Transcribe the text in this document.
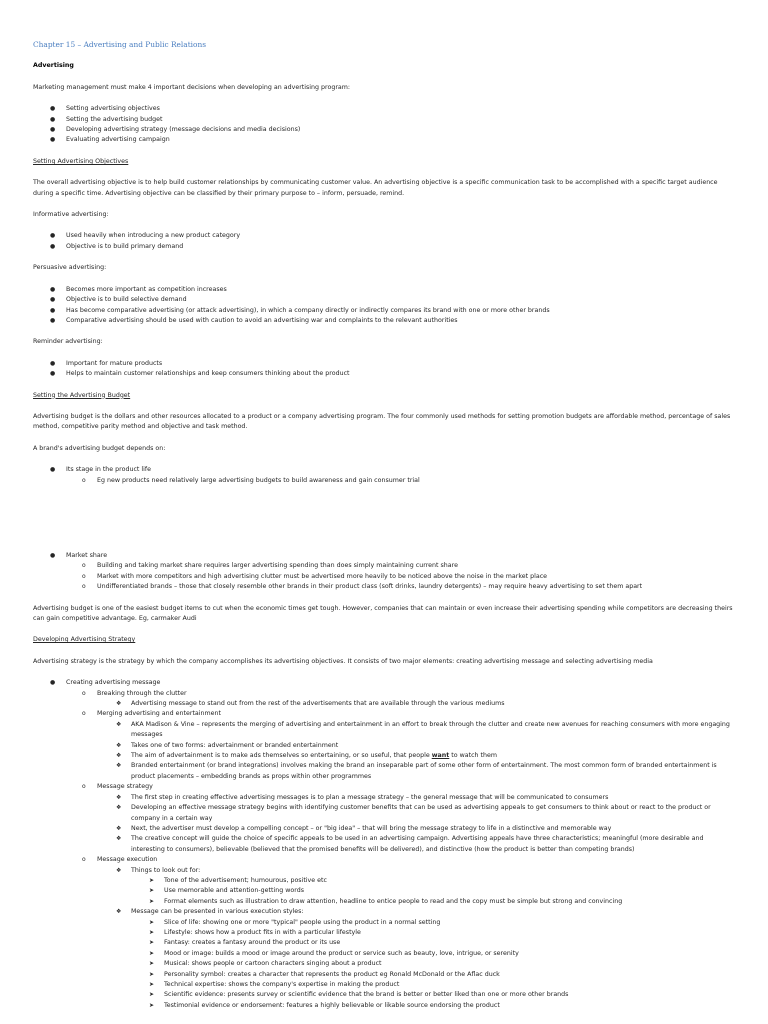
Chapter 15 – Advertising and Public Relations
Advertising

Marketing management must make 4 important decisions when developing an advertising program:

● Setting advertising objectives
● Setting the advertising budget
● Developing advertising strategy (message decisions and media decisions)
● Evaluating advertising campaign

Setting Advertising Objectives

The overall advertising objective is to help build customer relationships by communicating customer value. An advertising objective is a specific communication task to be accomplished with a specific target audience during a specific time. Advertising objective can be classified by their primary purpose to – inform, persuade, remind.

Informative advertising:

● Used heavily when introducing a new product category
● Objective is to build primary demand

Persuasive advertising:

● Becomes more important as competition increases
● Objective is to build selective demand
● Has become comparative advertising (or attack advertising), in which a company directly or indirectly compares its brand with one or more other brands
● Comparative advertising should be used with caution to avoid an advertising war and complaints to the relevant authorities

Reminder advertising:

● Important for mature products
● Helps to maintain customer relationships and keep consumers thinking about the product

Setting the Advertising Budget

Advertising budget is the dollars and other resources allocated to a product or a company advertising program. The four commonly used methods for setting promotion budgets are affordable method, percentage of sales method, competitive parity method and objective and task method.

A brand's advertising budget depends on:

● Its stage in the product life
o Eg new products need relatively large advertising budgets to build awareness and gain consumer trial
● Market share
o Building and taking market share requires larger advertising spending than does simply maintaining current share
o Market with more competitors and high advertising clutter must be advertised more heavily to be noticed above the noise in the market place
o Undifferentiated brands – those that closely resemble other brands in their product class (soft drinks, laundry detergents) – may require heavy advertising to set them apart

Advertising budget is one of the easiest budget items to cut when the economic times get tough. However, companies that can maintain or even increase their advertising spending while competitors are decreasing theirs can gain competitive advantage. Eg, carmaker Audi

Developing Advertising Strategy

Advertising strategy is the strategy by which the company accomplishes its advertising objectives. It consists of two major elements: creating advertising message and selecting advertising media

● Creating advertising message
o Breaking through the clutter
❖ Advertising message to stand out from the rest of the advertisements that are available through the various mediums
o Merging advertising and entertainment
❖ AKA Madison & Vine – represents the merging of advertising and entertainment in an effort to break through the clutter and create new avenues for reaching consumers with more engaging messages
❖ Takes one of two forms: advertainment or branded entertainment
❖ The aim of advertainment is to make ads themselves so entertaining, or so useful, that people want to watch them
❖ Branded entertainment (or brand integrations) involves making the brand an inseparable part of some other form of entertainment. The most common form of branded entertainment is product placements – embedding brands as props within other programmes
o Message strategy
❖ The first step in creating effective advertising messages is to plan a message strategy – the general message that will be communicated to consumers
❖ Developing an effective message strategy begins with identifying customer benefits that can be used as advertising appeals to get consumers to think about or react to the product or company in a certain way
❖ Next, the advertiser must develop a compelling concept – or "big idea" – that will bring the message strategy to life in a distinctive and memorable way
❖ The creative concept will guide the choice of specific appeals to be used in an advertising campaign. Advertising appeals have three characteristics; meaningful (more desirable and interesting to consumers), believable (believed that the promised benefits will be delivered), and distinctive (how the product is better than competing brands)
o Message execution
❖ Things to look out for:
➤ Tone of the advertisement; humourous, positive etc
➤ Use memorable and attention-getting words
➤ Format elements such as illustration to draw attention, headline to entice people to read and the copy must be simple but strong and convincing
❖ Message can be presented in various execution styles:
➤ Slice of life: showing one or more "typical" people using the product in a normal setting
➤ Lifestyle: shows how a product fits in with a particular lifestyle
➤ Fantasy: creates a fantasy around the product or its use
➤ Mood or image: builds a mood or image around the product or service such as beauty, love, intrigue, or serenity
➤ Musical: shows people or cartoon characters singing about a product
➤ Personality symbol: creates a character that represents the product eg Ronald McDonald or the Aflac duck
➤ Technical expertise: shows the company's expertise in making the product
➤ Scientific evidence: presents survey or scientific evidence that the brand is better or better liked than one or more other brands
➤ Testimonial evidence or endorsement: features a highly believable or likable source endorsing the product
